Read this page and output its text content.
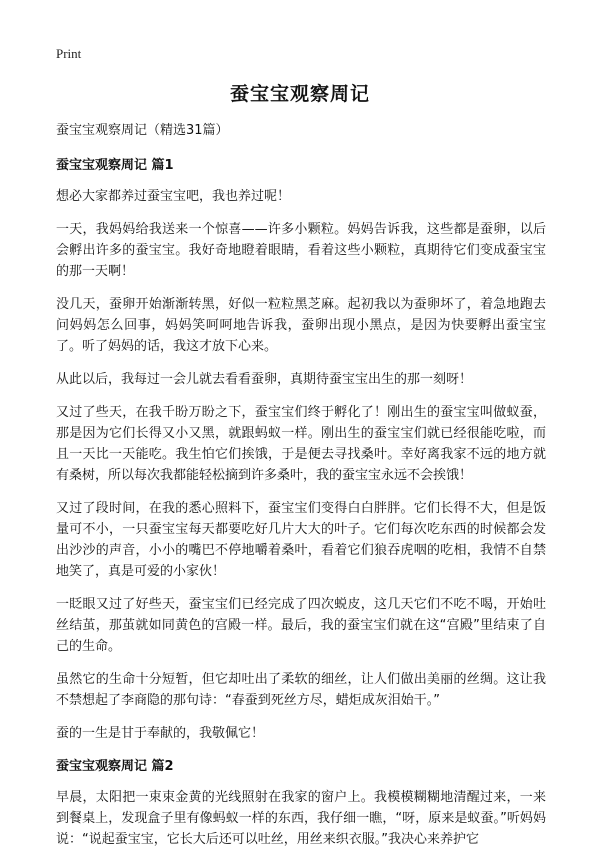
Print
蚕宝宝观察周记

蚕宝宝观察周记（精选31篇）

蚕宝宝观察周记 篇1

想必大家都养过蚕宝宝吧，我也养过呢！

一天，我妈妈给我送来一个惊喜——许多小颗粒。妈妈告诉我，这些都是蚕卵，以后会孵出许多的蚕宝宝。我好奇地瞪着眼睛，看着这些小颗粒，真期待它们变成蚕宝宝的那一天啊！

没几天，蚕卵开始渐渐转黑，好似一粒粒黑芝麻。起初我以为蚕卵坏了，着急地跑去问妈妈怎么回事，妈妈笑呵呵地告诉我，蚕卵出现小黑点，是因为快要孵出蚕宝宝了。听了妈妈的话，我这才放下心来。

从此以后，我每过一会儿就去看看蚕卵，真期待蚕宝宝出生的那一刻呀！

又过了些天，在我千盼万盼之下，蚕宝宝们终于孵化了！刚出生的蚕宝宝叫做蚁蚕，那是因为它们长得又小又黑，就跟蚂蚁一样。刚出生的蚕宝宝们就已经很能吃啦，而且一天比一天能吃。我生怕它们挨饿，于是便去寻找桑叶。幸好离我家不远的地方就有桑树，所以每次我都能轻松摘到许多桑叶，我的蚕宝宝永远不会挨饿！

又过了段时间，在我的悉心照料下，蚕宝宝们变得白白胖胖。它们长得不大，但是饭量可不小，一只蚕宝宝每天都要吃好几片大大的叶子。它们每次吃东西的时候都会发出沙沙的声音，小小的嘴巴不停地嚼着桑叶，看着它们狼吞虎咽的吃相，我情不自禁地笑了，真是可爱的小家伙！

一眨眼又过了好些天，蚕宝宝们已经完成了四次蜕皮，这几天它们不吃不喝，开始吐丝结茧，那茧就如同黄色的宫殿一样。最后，我的蚕宝宝们就在这“宫殿”里结束了自己的生命。

虽然它的生命十分短暂，但它却吐出了柔软的细丝，让人们做出美丽的丝绸。这让我不禁想起了李商隐的那句诗：“春蚕到死丝方尽，蜡炬成灰泪始干。”

蚕的一生是甘于奉献的，我敬佩它！

蚕宝宝观察周记 篇2

早晨，太阳把一束束金黄的光线照射在我家的窗户上。我模模糊糊地清醒过来，一来到餐桌上，发现盒子里有像蚂蚁一样的东西，我仔细一瞧，“呀，原来是蚁蚕。”听妈妈说：“说起蚕宝宝，它长大后还可以吐丝，用丝来织衣服。”我决心来养护它
